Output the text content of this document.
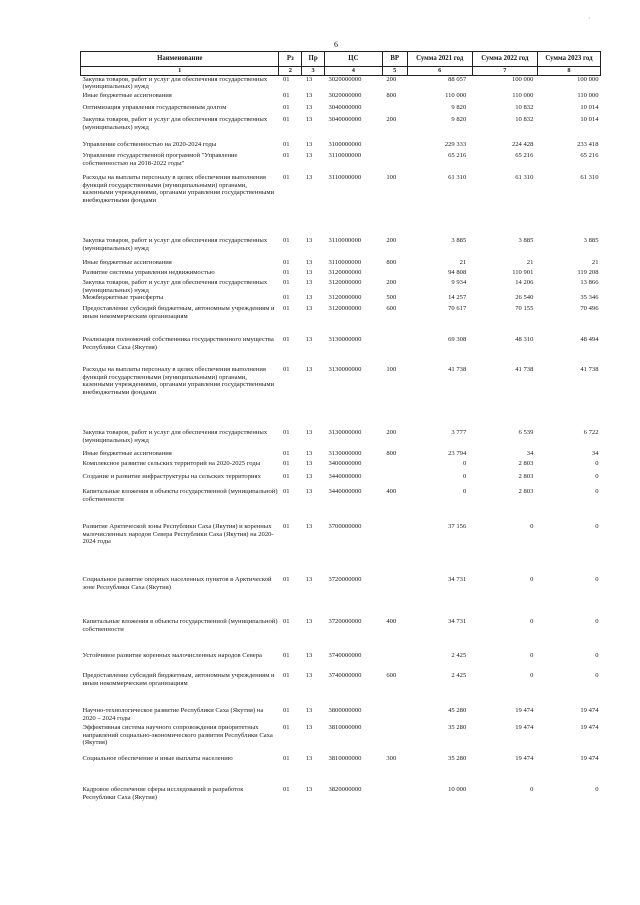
6
·
Наименование	Рз	Пр	ЦС	ВР	Сумма 2021 год	Сумма 2022 год	Сумма 2023 год
1	2	3	4	5	6	7	8
Закупка товаров, работ и услуг для обеспечения государственных (муниципальных) нужд	01	13	3020000000	200	88 057	100 000	100 000
Иные бюджетные ассигнования	01	13	3020000000	800	110 000	110 000	110 000
Оптимизация управления государственным долгом	01	13	3040000000		9 820	10 832	10 014
Закупка товаров, работ и услуг для обеспечения государственных (муниципальных) нужд	01	13	3040000000	200	9 820	10 832	10 014
Управление собственностью на 2020-2024 годы	01	13	3100000000		229 333	224 428	233 418
Управление государственной программой "Управление собственностью на 2018-2022 годы"	01	13	3110000000		65 216	65 216	65 216
Расходы на выплаты персоналу в целях обеспечения выполнения функций государственными (муниципальными) органами, казенными учреждениями, органами управления государственными внебюджетными фондами	01	13	3110000000	100	61 310	61 310	61 310
Закупка товаров, работ и услуг для обеспечения государственных (муниципальных) нужд	01	13	3110000000	200	3 885	3 885	3 885
Иные бюджетные ассигнования	01	13	3110000000	800	21	21	21
Развитие системы управления недвижимостью	01	13	3120000000		94 808	110 901	119 208
Закупка товаров, работ и услуг для обеспечения государственных (муниципальных) нужд	01	13	3120000000	200	9 934	14 206	13 866
Межбюджетные трансферты	01	13	3120000000	500	14 257	26 540	35 346
Предоставление субсидий бюджетным, автономным учреждениям и иным некоммерческим организациям	01	13	3120000000	600	70 617	70 155	70 496
Реализация полномочий собственника государственного имущества Республики Саха (Якутия)	01	13	3130000000		69 308	48 310	48 494
Расходы на выплаты персоналу в целях обеспечения выполнения функций государственными (муниципальными) органами, казенными учреждениями, органами управления государственными внебюджетными фондами	01	13	3130000000	100	41 738	41 738	41 738
Закупка товаров, работ и услуг для обеспечения государственных (муниципальных) нужд	01	13	3130000000	200	3 777	6 539	6 722
Иные бюджетные ассигнования	01	13	3130000000	800	23 794	34	34
Комплексное развитие сельских территорий на 2020-2025 годы	01	13	3400000000		0	2 803	0
Создание и развитие инфраструктуры на сельских территориях	01	13	3440000000		0	2 803	0
Капитальные вложения в объекты государственной (муниципальной) собственности	01	13	3440000000	400	0	2 803	0
Развитие Арктической зоны Республики Саха (Якутия) и коренных малочисленных народов Севера Республики Саха (Якутия) на 2020-2024 годы	01	13	3700000000		37 156	0	0
Социальное развитие опорных населенных пунктов в Арктической зоне Республики Саха (Якутия)	01	13	3720000000		34 731	0	0
Капитальные вложения в объекты государственной (муниципальной) собственности	01	13	3720000000	400	34 731	0	0
Устойчивое развитие коренных малочисленных народов Севера	01	13	3740000000		2 425	0	0
Предоставление субсидий бюджетным, автономным учреждениям и иным некоммерческим организациям	01	13	3740000000	600	2 425	0	0
Научно-технологическое развитие Республики Саха (Якутия) на 2020 – 2024 годы	01	13	3800000000		45 280	19 474	19 474
Эффективная система научного сопровождения приоритетных направлений социально-экономического развития Республики Саха (Якутия)	01	13	3810000000		35 280	19 474	19 474
Социальное обеспечение и иные выплаты населению	01	13	3810000000	300	35 280	19 474	19 474
Кадровое обеспечение сферы исследований и разработок Республики Саха (Якутия)	01	13	3820000000		10 000	0	0
